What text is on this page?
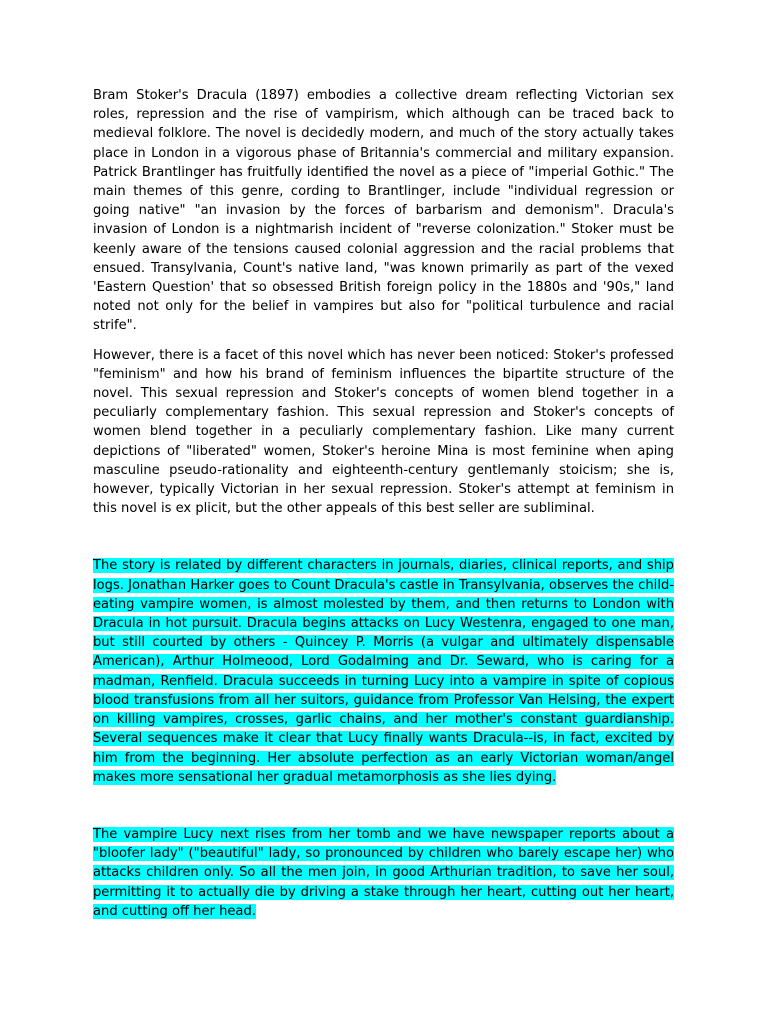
Bram Stoker's Dracula (1897) embodies a collective dream reflecting Victorian sex roles, repression and the rise of vampirism, which although can be traced back to medieval folklore. The novel is decidedly modern, and much of the story actually takes place in London in a vigorous phase of Britannia's commercial and military expansion. Patrick Brantlinger has fruitfully identified the novel as a piece of "imperial Gothic." The main themes of this genre, cording to Brantlinger, include "individual regression or going native" "an invasion by the forces of barbarism and demonism". Dracula's invasion of London is a nightmarish incident of "reverse colonization." Stoker must be keenly aware of the tensions caused colonial aggression and the racial problems that ensued. Transylvania, Count's native land, "was known primarily as part of the vexed 'Eastern Question' that so obsessed British foreign policy in the 1880s and '90s," land noted not only for the belief in vampires but also for "political turbulence and racial strife".

However, there is a facet of this novel which has never been noticed: Stoker's professed "feminism" and how his brand of feminism influences the bipartite structure of the novel. This sexual repression and Stoker's concepts of women blend together in a peculiarly complementary fashion. This sexual repression and Stoker's concepts of women blend together in a peculiarly complementary fashion. Like many current depictions of "liberated" women, Stoker's heroine Mina is most feminine when aping masculine pseudo-rationality and eighteenth-century gentlemanly stoicism; she is, however, typically Victorian in her sexual repression. Stoker's attempt at feminism in this novel is ex plicit, but the other appeals of this best seller are subliminal.

The story is related by different characters in journals, diaries, clinical reports, and ship logs. Jonathan Harker goes to Count Dracula's castle in Transylvania, observes the child- eating vampire women, is almost molested by them, and then returns to London with Dracula in hot pursuit. Dracula begins attacks on Lucy Westenra, engaged to one man, but still courted by others - Quincey P. Morris (a vulgar and ultimately dispensable American), Arthur Holmeood, Lord Godalming and Dr. Seward, who is caring for a madman, Renfield. Dracula succeeds in turning Lucy into a vampire in spite of copious blood transfusions from all her suitors, guidance from Professor Van Helsing, the expert on killing vampires, crosses, garlic chains, and her mother's constant guardianship. Several sequences make it clear that Lucy finally wants Dracula--is, in fact, excited by him from the beginning. Her absolute perfection as an early Victorian woman/angel makes more sensational her gradual metamorphosis as she lies dying.

The vampire Lucy next rises from her tomb and we have newspaper reports about a "bloofer lady" ("beautiful" lady, so pronounced by children who barely escape her) who attacks children only. So all the men join, in good Arthurian tradition, to save her soul, permitting it to actually die by driving a stake through her heart, cutting out her heart, and cutting off her head.
